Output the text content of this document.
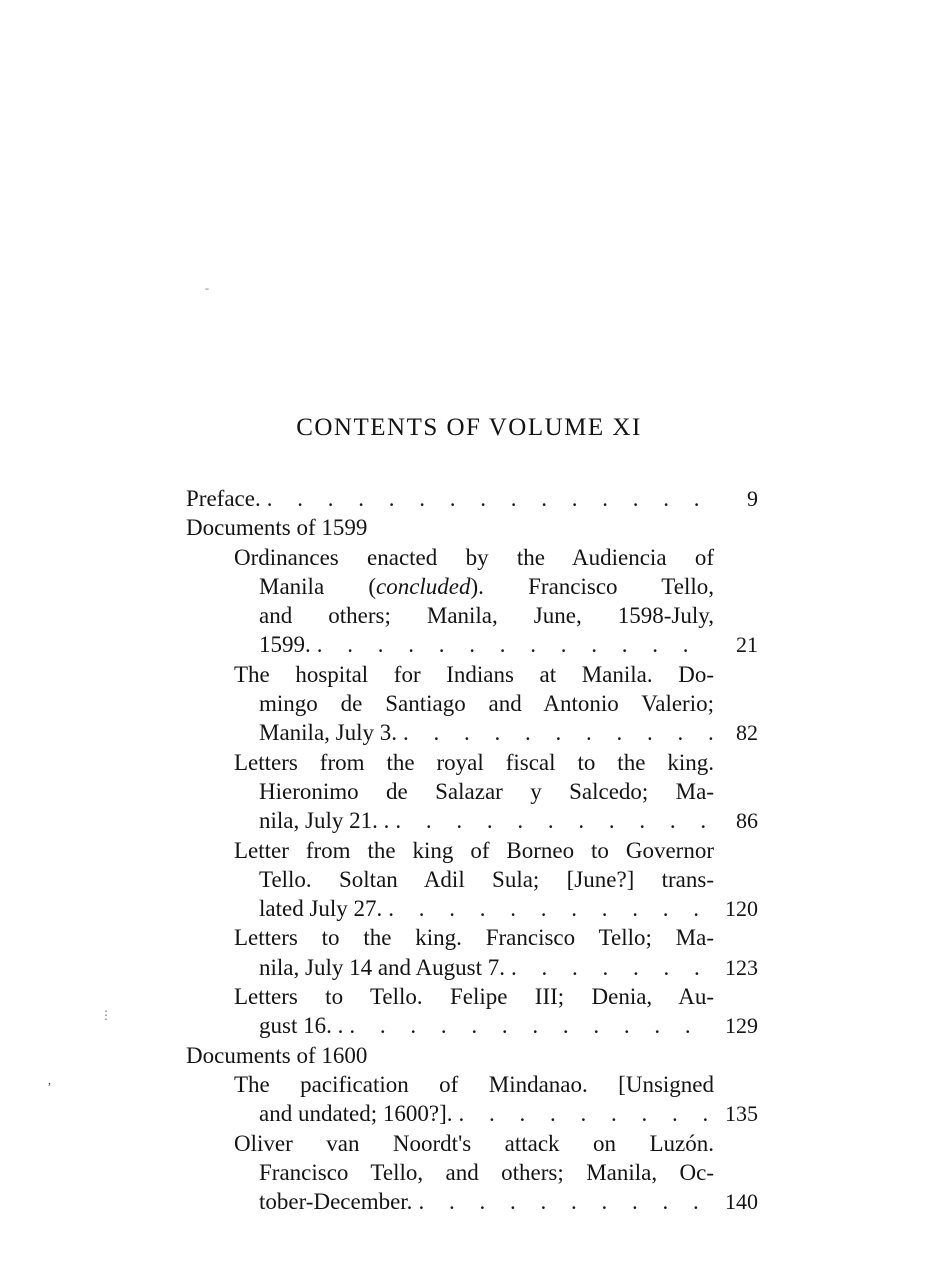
CONTENTS OF VOLUME XI
Preface. . . .	9
Documents of 1599
Ordinances enacted by the Audiencia of
Manila (concluded). Francisco Tello,
and others; Manila, June, 1598-July,
1599. . . .	21
The hospital for Indians at Manila. Do-
mingo de Santiago and Antonio Valerio;
Manila, July 3. . . .	82
Letters from the royal fiscal to the king.
Hieronimo de Salazar y Salcedo; Ma-
nila, July 21. . . . .	86
Letter from the king of Borneo to Governor
Tello. Soltan Adil Sula; [June?] trans-
lated July 27. . . .	120
Letters to the king. Francisco Tello; Ma-
nila, July 14 and August 7. . . .	123
Letters to Tello. Felipe III; Denia, Au-
gust 16. . . . .	129
Documents of 1600
The pacification of Mindanao. [Unsigned
and undated; 1600?]. . . .	135
Oliver van Noordt's attack on Luzón.
Francisco Tello, and others; Manila, Oc-
tober-December. . . .	140
-
⋮
,
